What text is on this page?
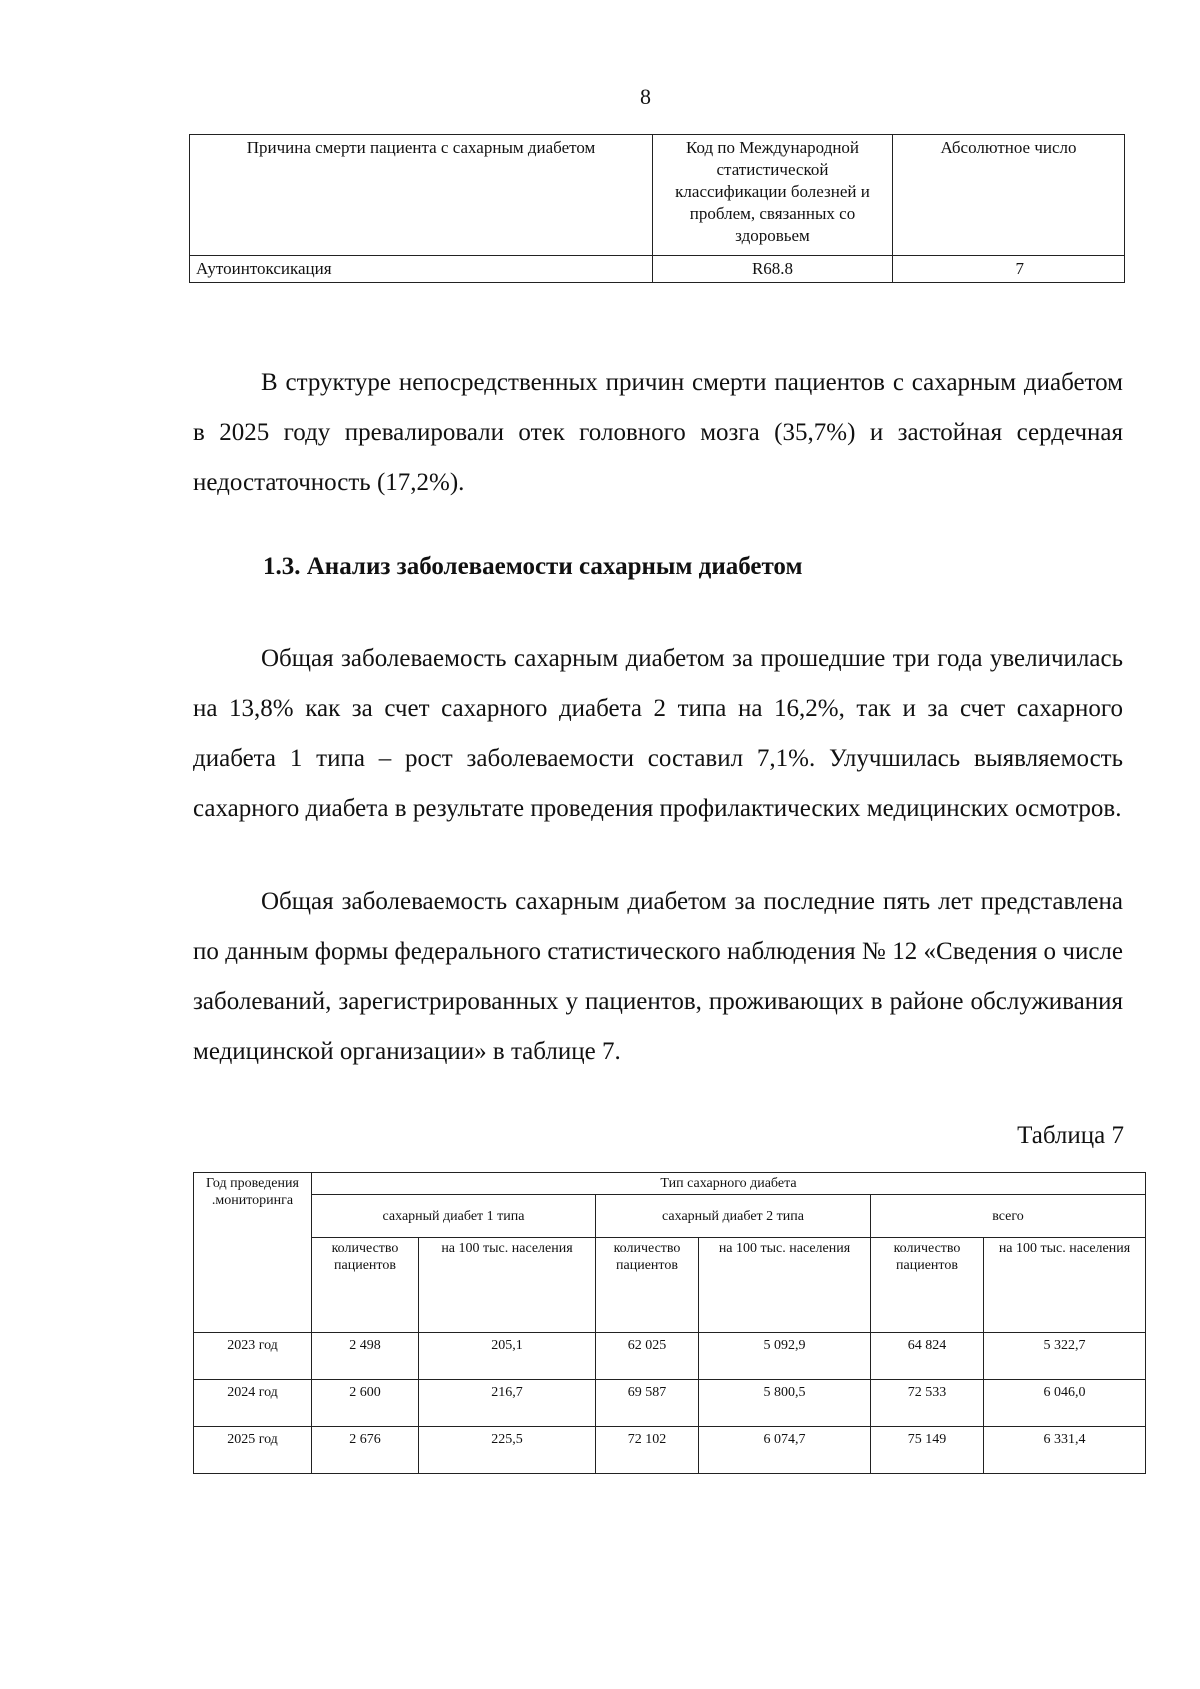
8
Причина смерти пациента с сахарным диабетом	Код по Международной статистической классификации болезней и проблем, связанных со здоровьем	Абсолютное число
Аутоинтоксикация	R68.8	7

В структуре непосредственных причин смерти пациентов с сахарным диабетом в 2025 году превалировали отек головного мозга (35,7%) и застойная сердечная недостаточность (17,2%).

1.3. Анализ заболеваемости сахарным диабетом

Общая заболеваемость сахарным диабетом за прошедшие три года увеличилась на 13,8% как за счет сахарного диабета 2 типа на 16,2%, так и за счет сахарного диабета 1 типа – рост заболеваемости составил 7,1%. Улучшилась выявляемость сахарного диабета в результате проведения профилактических медицинских осмотров.

Общая заболеваемость сахарным диабетом за последние пять лет представлена по данным формы федерального статистического наблюдения № 12 «Сведения о числе заболеваний, зарегистрированных у пациентов, проживающих в районе обслуживания медицинской организации» в таблице 7.

Таблица 7
Год проведения .мониторинга	Тип сахарного диабета					
	сахарный диабет 1 типа		сахарный диабет 2 типа		всего	
	количество пациентов	на 100 тыс. населения	количество пациентов	на 100 тыс. населения	количество пациентов	на 100 тыс. населения
2023 год	2 498	205,1	62 025	5 092,9	64 824	5 322,7
2024 год	2 600	216,7	69 587	5 800,5	72 533	6 046,0
2025 год	2 676	225,5	72 102	6 074,7	75 149	6 331,4
